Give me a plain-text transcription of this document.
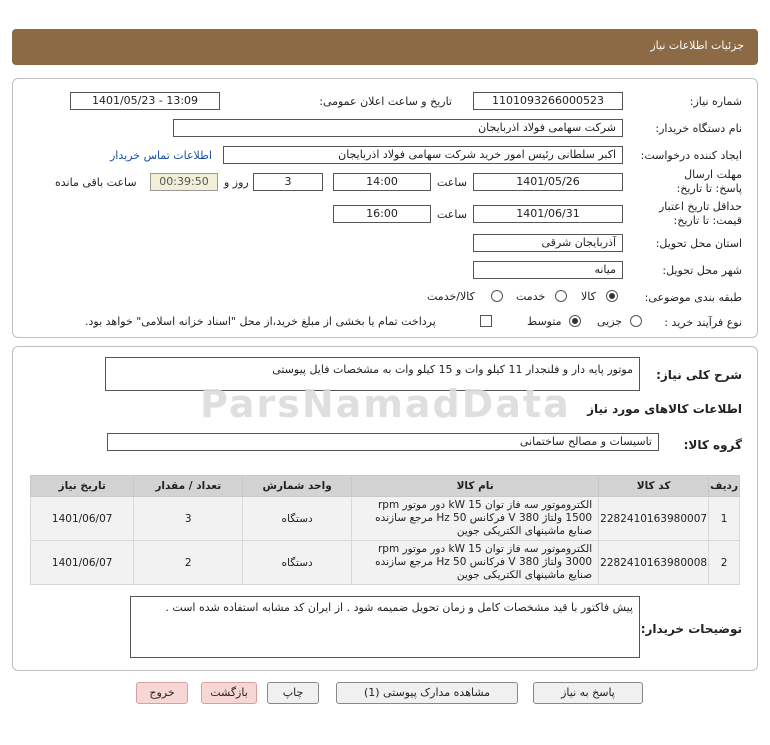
جزئیات اطلاعات نیاز
شماره نیاز:
1101093266000523
تاریخ و ساعت اعلان عمومی:
1401/05/23 - 13:09
نام دستگاه خریدار:
شرکت سهامی فولاد اذربایجان
ایجاد کننده درخواست:
اکبر سلطانی رئیس امور خرید شرکت سهامی فولاد اذربایجان
اطلاعات تماس خریدار
مهلت ارسال پاسخ: تا تاریخ:
1401/05/26
ساعت
14:00
3
روز و
00:39:50
ساعت باقی مانده
حداقل تاریخ اعتبار قیمت: تا تاریخ:
1401/06/31
ساعت
16:00
استان محل تحویل:
آذربایجان شرقی
شهر محل تحویل:
میانه
طبقه بندی موضوعی:
کالا
خدمت
کالا/خدمت
نوع فرآیند خرید :
جزیی
متوسط
پرداخت تمام یا بخشی از مبلغ خرید،از محل "اسناد خزانه اسلامی" خواهد بود.
شرح کلی نیاز:
موتور پایه دار و فلنجدار 11 کیلو وات و 15 کیلو وات به مشخصات فایل پیوستی
ParsNamadData اطلاعات کالاهای مورد نیاز
گروه کالا:
تاسیسات و مصالح ساختمانی
ردیف	کد کالا	نام کالا	واحد شمارش	تعداد / مقدار	تاریخ نیاز
1	2282410163980007	الکتروموتور سه فاز توان kW 15 دور موتور rpm 1500 ولتاژ 380 V فرکانس Hz 50 مرجع سازنده صنایع ماشینهای الکتریکی جوین	دستگاه	3	1401/06/07
2	2282410163980008	الکتروموتور سه فاز توان kW 15 دور موتور rpm 3000 ولتاژ 380 V فرکانس Hz 50 مرجع سازنده صنایع ماشینهای الکتریکی جوین	دستگاه	2	1401/06/07
توضیحات خریدار:
پیش فاکتور با قید مشخصات کامل و زمان تحویل ضمیمه شود . از ایران کد مشابه استفاده شده است .
پاسخ به نیاز
مشاهده مدارک پیوستی (1)
چاپ
بازگشت
خروج
